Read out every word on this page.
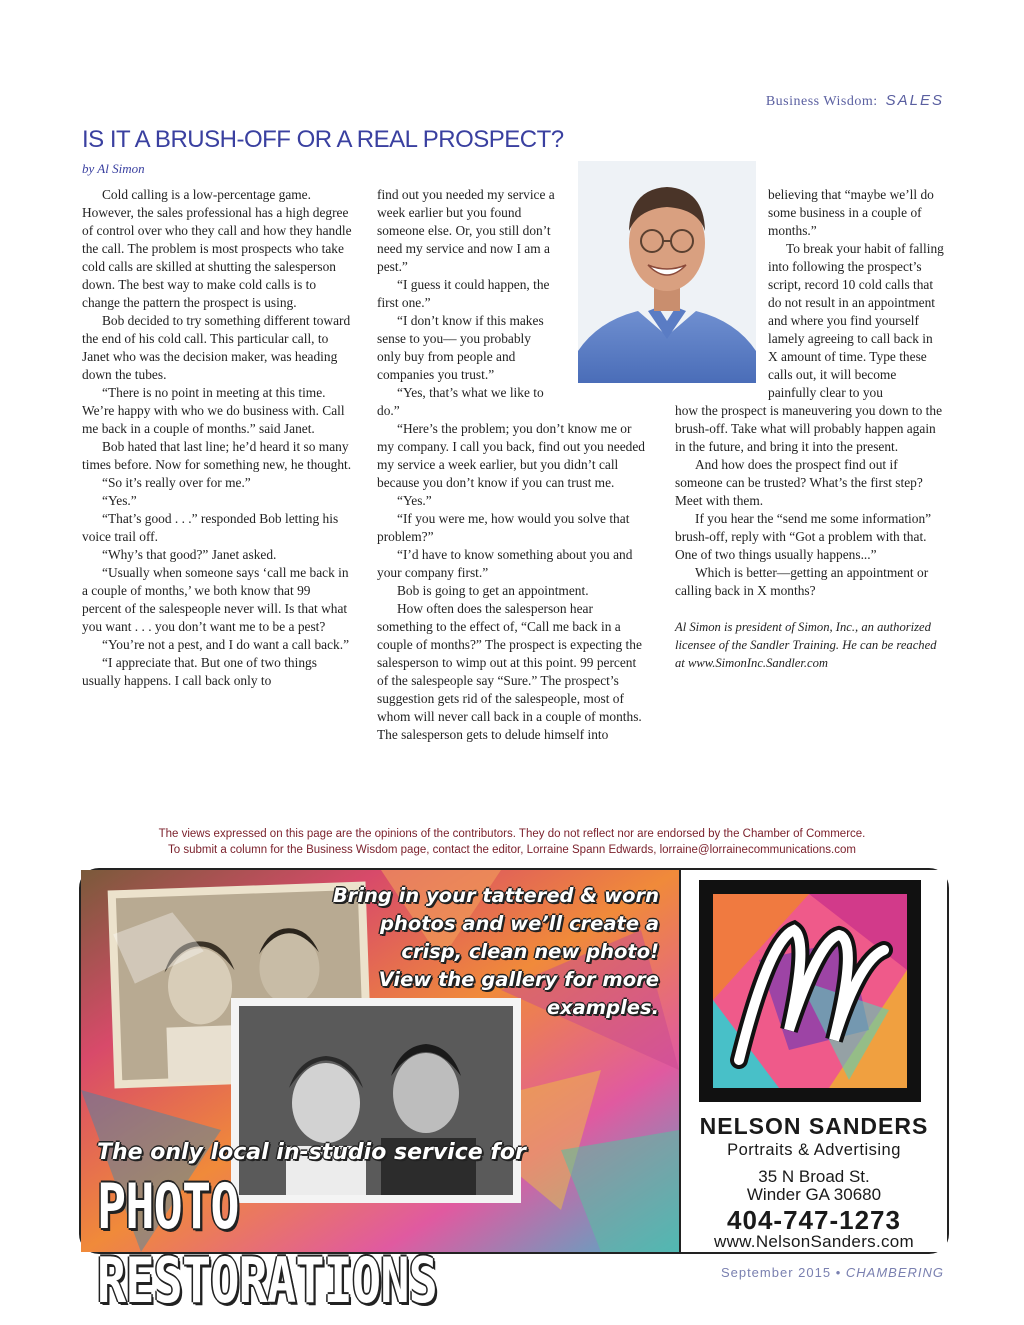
Business Wisdom: SALES
IS IT A BRUSH-OFF OR A REAL PROSPECT?
by Al Simon

Cold calling is a low-percentage game. However, the sales professional has a high degree of control over who they call and how they handle the call. The problem is most prospects who take cold calls are skilled at shutting the salesperson down. The best way to make cold calls is to change the pattern the prospect is using.

Bob decided to try something different toward the end of his cold call. This particular call, to Janet who was the decision maker, was heading down the tubes.

“There is no point in meeting at this time. We’re happy with who we do business with. Call me back in a couple of months.” said Janet.

Bob hated that last line; he’d heard it so many times before. Now for something new, he thought.

“So it’s really over for me.”

“Yes.”

“That’s good . . .” responded Bob letting his voice trail off.

“Why’s that good?” Janet asked.

“Usually when someone says ‘call me back in a couple of months,’ we both know that 99 percent of the salespeople never will. Is that what you want . . . you don’t want me to be a pest?

“You’re not a pest, and I do want a call back.”

“I appreciate that. But one of two things usually happens. I call back only to

find out you needed my service a week earlier but you found someone else. Or, you still don’t need my service and now I am a pest.”

“I guess it could happen, the first one.”

“I don’t know if this makes sense to you–– you probably only buy from people and companies you trust.”

“Yes, that’s what we like to do.”

“Here’s the problem; you don’t know me or my company. I call you back, find out you needed my service a week earlier, but you didn’t call because you don’t know if you can trust me.

“Yes.”

“If you were me, how would you solve that problem?”

“I’d have to know something about you and your company first.”

Bob is going to get an appointment.

How often does the salesperson hear something to the effect of, “Call me back in a couple of months?” The prospect is expecting the salesperson to wimp out at this point. 99 percent of the salespeople say “Sure.” The prospect’s suggestion gets rid of the salespeople, most of whom will never call back in a couple of months. The salesperson gets to delude himself into

believing that “maybe we’ll do some business in a couple of months.”

To break your habit of falling into following the prospect’s script, record 10 cold calls that do not result in an appointment and where you find yourself lamely agreeing to call back in X amount of time. Type these calls out, it will become painfully clear to you

how the prospect is maneuvering you down to the brush-off. Take what will probably happen again in the future, and bring it into the present.

And how does the prospect find out if someone can be trusted? What’s the first step? Meet with them.

If you hear the “send me some information” brush-off, reply with “Got a problem with that. One of two things usually happens...”

Which is better—getting an appointment or calling back in X months?

Al Simon is president of Simon, Inc., an authorized licensee of the Sandler Training. He can be reached at www.SimonInc.Sandler.com

The views expressed on this page are the opinions of the contributors. They do not reflect nor are endorsed by the Chamber of Commerce.
To submit a column for the Business Wisdom page, contact the editor, Lorraine Spann Edwards, lorraine@lorrainecommunications.com
Bring in your tattered & worn
photos and we’ll create a
crisp, clean new photo!
View the gallery for more
examples.
The only local in-studio service for
PHOTO RESTORATIONS
NELSON SANDERS
Portraits & Advertising
35 N Broad St.
Winder GA 30680
404-747-1273
www.NelsonSanders.com
September 2015 • CHAMBERING
